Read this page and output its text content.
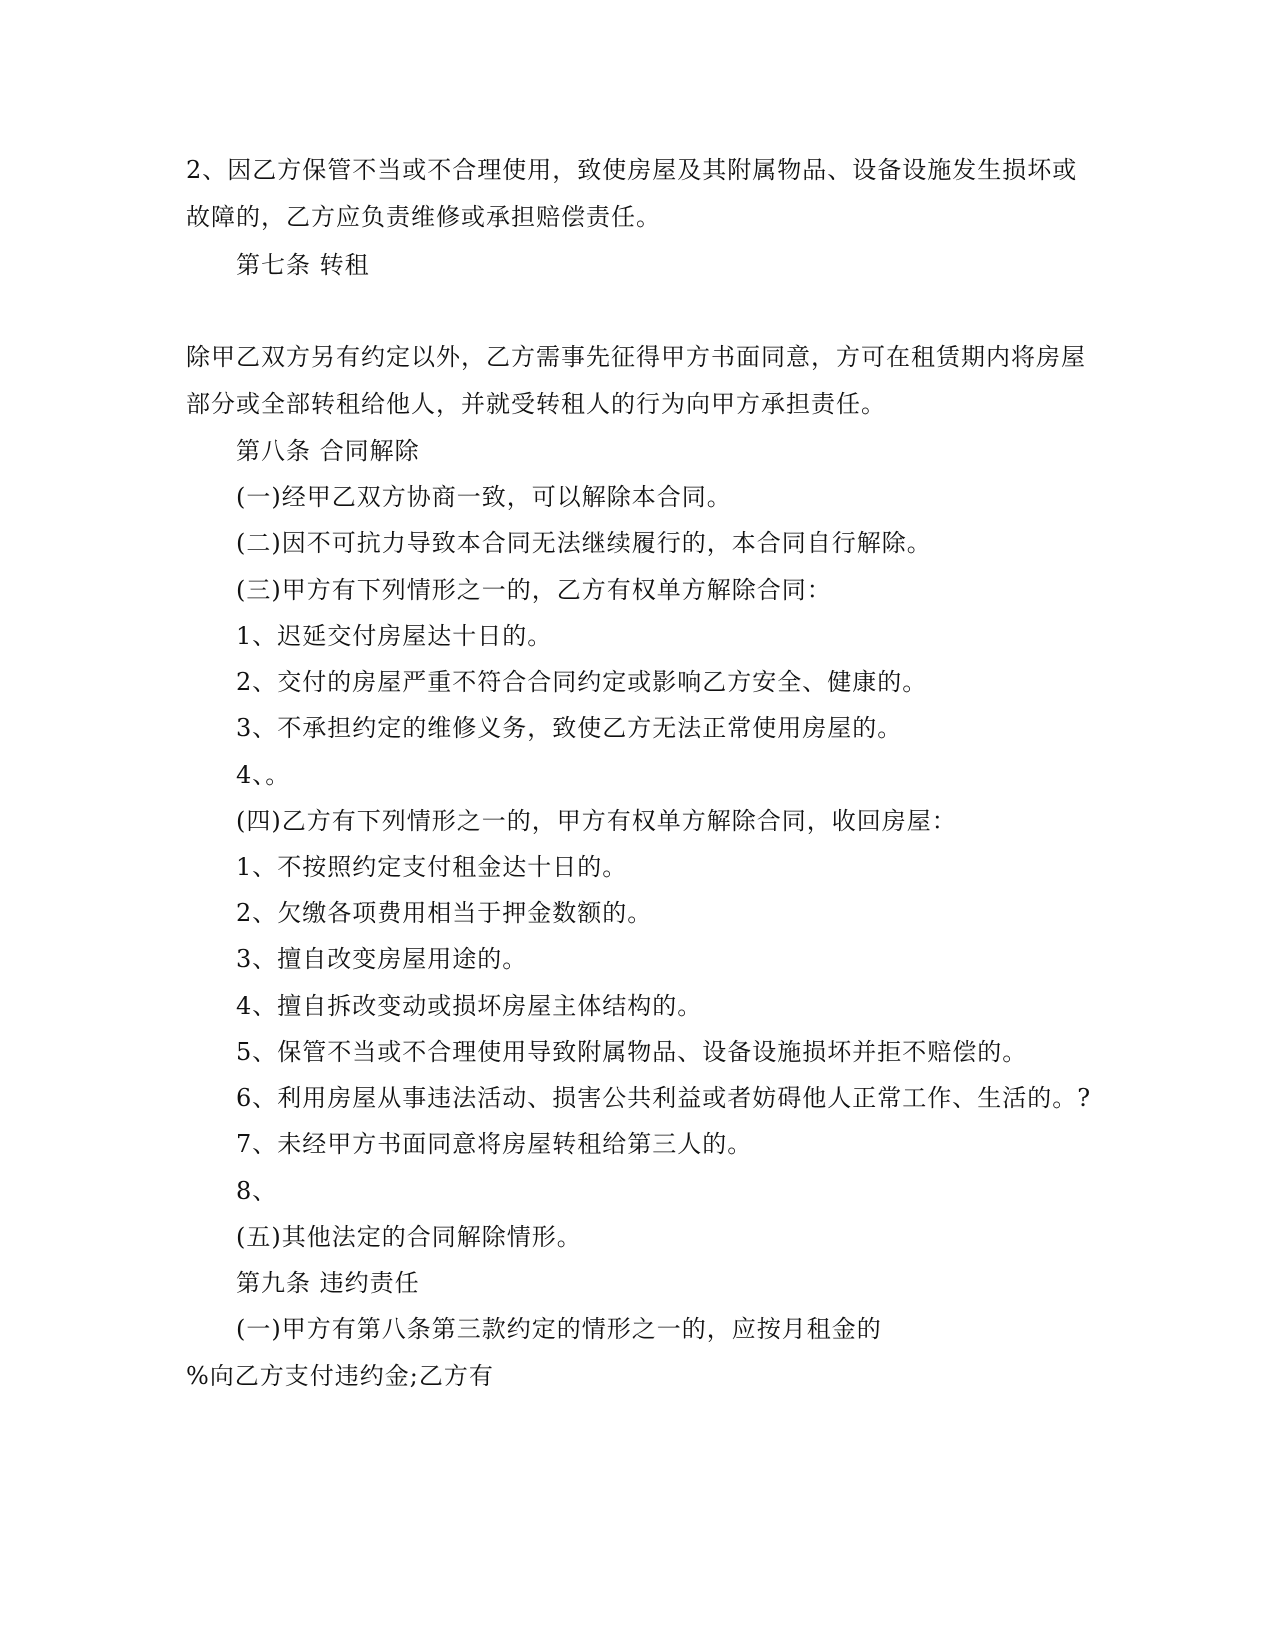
2、因乙方保管不当或不合理使用，致使房屋及其附属物品、设备设施发生损坏或
故障的，乙方应负责维修或承担赔偿责任。
第七条 转租
除甲乙双方另有约定以外，乙方需事先征得甲方书面同意，方可在租赁期内将房屋
部分或全部转租给他人，并就受转租人的行为向甲方承担责任。
第八条 合同解除
(一)经甲乙双方协商一致，可以解除本合同。
(二)因不可抗力导致本合同无法继续履行的，本合同自行解除。
(三)甲方有下列情形之一的，乙方有权单方解除合同：
1、迟延交付房屋达十日的。
2、交付的房屋严重不符合合同约定或影响乙方安全、健康的。
3、不承担约定的维修义务，致使乙方无法正常使用房屋的。
4、。
(四)乙方有下列情形之一的，甲方有权单方解除合同，收回房屋：
1、不按照约定支付租金达十日的。
2、欠缴各项费用相当于押金数额的。
3、擅自改变房屋用途的。
4、擅自拆改变动或损坏房屋主体结构的。
5、保管不当或不合理使用导致附属物品、设备设施损坏并拒不赔偿的。
6、利用房屋从事违法活动、损害公共利益或者妨碍他人正常工作、生活的。?
7、未经甲方书面同意将房屋转租给第三人的。
8、
(五)其他法定的合同解除情形。
第九条 违约责任
(一)甲方有第八条第三款约定的情形之一的，应按月租金的
%向乙方支付违约金;乙方有
